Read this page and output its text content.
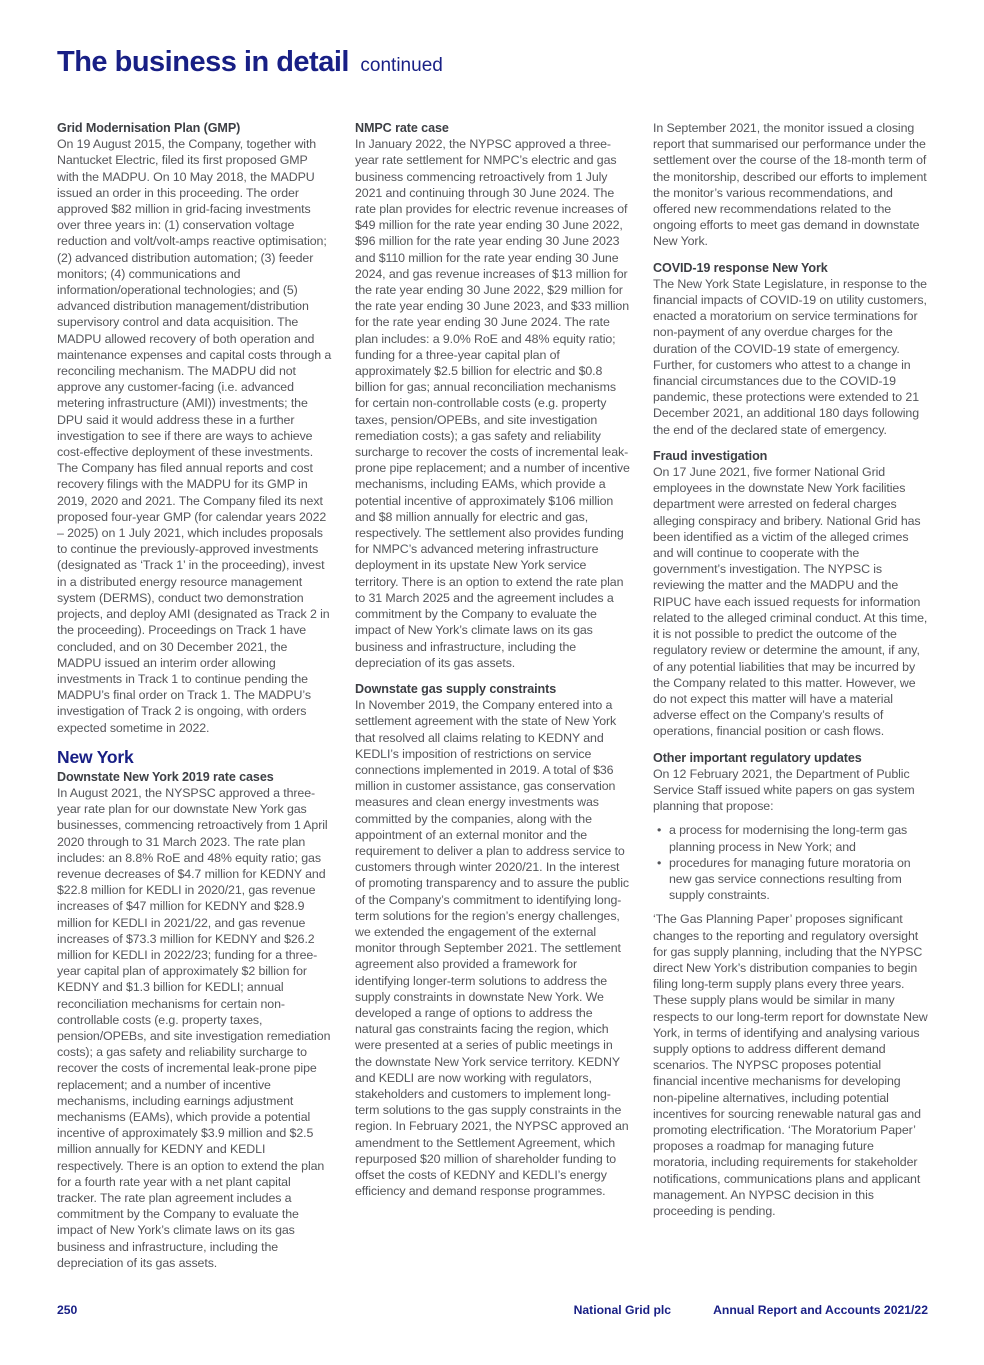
The business in detail continued
Grid Modernisation Plan (GMP)

On 19 August 2015, the Company, together with Nantucket Electric, filed its first proposed GMP with the MADPU. On 10 May 2018, the MADPU issued an order in this proceeding. The order approved $82 million in grid-facing investments over three years in: (1) conservation voltage reduction and volt/volt-amps reactive optimisation; (2) advanced distribution automation; (3) feeder monitors; (4) communications and information/operational technologies; and (5) advanced distribution management/distribution supervisory control and data acquisition. The MADPU allowed recovery of both operation and maintenance expenses and capital costs through a reconciling mechanism. The MADPU did not approve any customer-facing (i.e. advanced metering infrastructure (AMI)) investments; the DPU said it would address these in a further investigation to see if there are ways to achieve cost-effective deployment of these investments. The Company has filed annual reports and cost recovery filings with the MADPU for its GMP in 2019, 2020 and 2021. The Company filed its next proposed four-year GMP (for calendar years 2022 – 2025) on 1 July 2021, which includes proposals to continue the previously-approved investments (designated as ‘Track 1’ in the proceeding), invest in a distributed energy resource management system (DERMS), conduct two demonstration projects, and deploy AMI (designated as Track 2 in the proceeding). Proceedings on Track 1 have concluded, and on 30 December 2021, the MADPU issued an interim order allowing investments in Track 1 to continue pending the MADPU’s final order on Track 1. The MADPU’s investigation of Track 2 is ongoing, with orders expected sometime in 2022.

New York
Downstate New York 2019 rate cases

In August 2021, the NYSPSC approved a three-year rate plan for our downstate New York gas businesses, commencing retroactively from 1 April 2020 through to 31 March 2023. The rate plan includes: an 8.8% RoE and 48% equity ratio; gas revenue decreases of $4.7 million for KEDNY and $22.8 million for KEDLI in 2020/21, gas revenue increases of $47 million for KEDNY and $28.9 million for KEDLI in 2021/22, and gas revenue increases of $73.3 million for KEDNY and $26.2 million for KEDLI in 2022/23; funding for a three-year capital plan of approximately $2 billion for KEDNY and $1.3 billion for KEDLI; annual reconciliation mechanisms for certain non-controllable costs (e.g. property taxes, pension/OPEBs, and site investigation remediation costs); a gas safety and reliability surcharge to recover the costs of incremental leak-prone pipe replacement; and a number of incentive mechanisms, including earnings adjustment mechanisms (EAMs), which provide a potential incentive of approximately $3.9 million and $2.5 million annually for KEDNY and KEDLI respectively. There is an option to extend the plan for a fourth rate year with a net plant capital tracker. The rate plan agreement includes a commitment by the Company to evaluate the impact of New York’s climate laws on its gas business and infrastructure, including the depreciation of its gas assets.

NMPC rate case

In January 2022, the NYPSC approved a three-year rate settlement for NMPC’s electric and gas business commencing retroactively from 1 July 2021 and continuing through 30 June 2024. The rate plan provides for electric revenue increases of $49 million for the rate year ending 30 June 2022, $96 million for the rate year ending 30 June 2023 and $110 million for the rate year ending 30 June 2024, and gas revenue increases of $13 million for the rate year ending 30 June 2022, $29 million for the rate year ending 30 June 2023, and $33 million for the rate year ending 30 June 2024. The rate plan includes: a 9.0% RoE and 48% equity ratio; funding for a three-year capital plan of approximately $2.5 billion for electric and $0.8 billion for gas; annual reconciliation mechanisms for certain non-controllable costs (e.g. property taxes, pension/OPEBs, and site investigation remediation costs); a gas safety and reliability surcharge to recover the costs of incremental leak-prone pipe replacement; and a number of incentive mechanisms, including EAMs, which provide a potential incentive of approximately $106 million and $8 million annually for electric and gas, respectively. The settlement also provides funding for NMPC’s advanced metering infrastructure deployment in its upstate New York service territory. There is an option to extend the rate plan to 31 March 2025 and the agreement includes a commitment by the Company to evaluate the impact of New York’s climate laws on its gas business and infrastructure, including the depreciation of its gas assets.

Downstate gas supply constraints

In November 2019, the Company entered into a settlement agreement with the state of New York that resolved all claims relating to KEDNY and KEDLI’s imposition of restrictions on service connections implemented in 2019. A total of $36 million in customer assistance, gas conservation measures and clean energy investments was committed by the companies, along with the appointment of an external monitor and the requirement to deliver a plan to address service to customers through winter 2020/21. In the interest of promoting transparency and to assure the public of the Company’s commitment to identifying long-term solutions for the region’s energy challenges, we extended the engagement of the external monitor through September 2021. The settlement agreement also provided a framework for identifying longer-term solutions to address the supply constraints in downstate New York. We developed a range of options to address the natural gas constraints facing the region, which were presented at a series of public meetings in the downstate New York service territory. KEDNY and KEDLI are now working with regulators, stakeholders and customers to implement long-term solutions to the gas supply constraints in the region. In February 2021, the NYPSC approved an amendment to the Settlement Agreement, which repurposed $20 million of shareholder funding to offset the costs of KEDNY and KEDLI’s energy efficiency and demand response programmes.

In September 2021, the monitor issued a closing report that summarised our performance under the settlement over the course of the 18-month term of the monitorship, described our efforts to implement the monitor’s various recommendations, and offered new recommendations related to the ongoing efforts to meet gas demand in downstate New York.

COVID-19 response New York

The New York State Legislature, in response to the financial impacts of COVID-19 on utility customers, enacted a moratorium on service terminations for non-payment of any overdue charges for the duration of the COVID-19 state of emergency. Further, for customers who attest to a change in financial circumstances due to the COVID-19 pandemic, these protections were extended to 21 December 2021, an additional 180 days following the end of the declared state of emergency.

Fraud investigation

On 17 June 2021, five former National Grid employees in the downstate New York facilities department were arrested on federal charges alleging conspiracy and bribery. National Grid has been identified as a victim of the alleged crimes and will continue to cooperate with the government’s investigation. The NYPSC is reviewing the matter and the MADPU and the RIPUC have each issued requests for information related to the alleged criminal conduct. At this time, it is not possible to predict the outcome of the regulatory review or determine the amount, if any, of any potential liabilities that may be incurred by the Company related to this matter. However, we do not expect this matter will have a material adverse effect on the Company’s results of operations, financial position or cash flows.

Other important regulatory updates

On 12 February 2021, the Department of Public Service Staff issued white papers on gas system planning that propose:

• a process for modernising the long-term gas planning process in New York; and
• procedures for managing future moratoria on new gas service connections resulting from supply constraints.

‘The Gas Planning Paper’ proposes significant changes to the reporting and regulatory oversight for gas supply planning, including that the NYPSC direct New York’s distribution companies to begin filing long-term supply plans every three years. These supply plans would be similar in many respects to our long-term report for downstate New York, in terms of identifying and analysing various supply options to address different demand scenarios. The NYPSC proposes potential financial incentive mechanisms for developing non-pipeline alternatives, including potential incentives for sourcing renewable natural gas and promoting electrification. ‘The Moratorium Paper’ proposes a roadmap for managing future moratoria, including requirements for stakeholder notifications, communications plans and applicant management. An NYPSC decision in this proceeding is pending.

250	National Grid plc	Annual Report and Accounts 2021/22
